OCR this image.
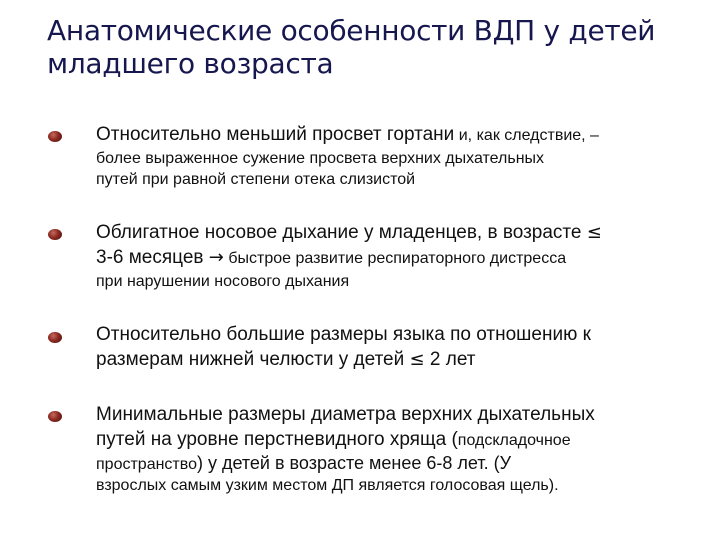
Анатомические особенности ВДП у детей
младшего возраста
Относительно меньший просвет гортани и, как следствие, –
более выраженное сужение просвета верхних дыхательных
путей при равной степени отека слизистой
Облигатное носовое дыхание у младенцев, в возрасте ≤
3-6 месяцев → быстрое развитие респираторного дистресса
при нарушении носового дыхания
Относительно большие размеры языка по отношению к
размерам нижней челюсти у детей ≤ 2 лет
Минимальные размеры диаметра верхних дыхательных
путей на уровне перстневидного хряща (подскладочное
пространство) у детей в возрасте менее 6-8 лет. (У
взрослых самым узким местом ДП является голосовая щель).
